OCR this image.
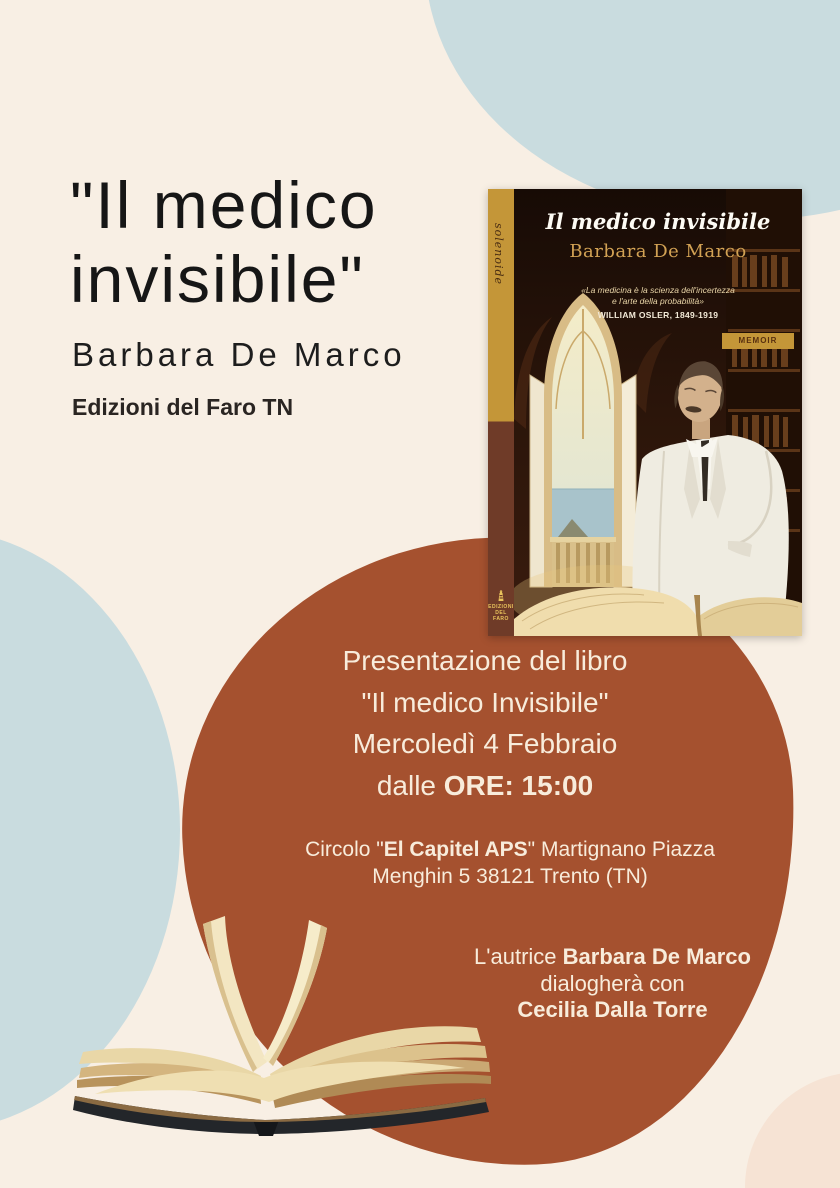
"Il medico
invisibile"
Barbara De Marco
Edizioni del Faro TN
solenoide
EDIZIONI
DEL FARO
Il medico invisibile
Barbara De Marco
«La medicina è la scienza dell'incertezza
e l'arte della probabilità»
WILLIAM OSLER, 1849-1919
MEMOIR
Presentazione del libro
"Il medico Invisibile"
Mercoledì 4 Febbraio
dalle ORE: 15:00
Circolo "El Capitel APS" Martignano Piazza
Menghin 5 38121 Trento (TN)
L'autrice Barbara De Marco
dialogherà con
Cecilia Dalla Torre
